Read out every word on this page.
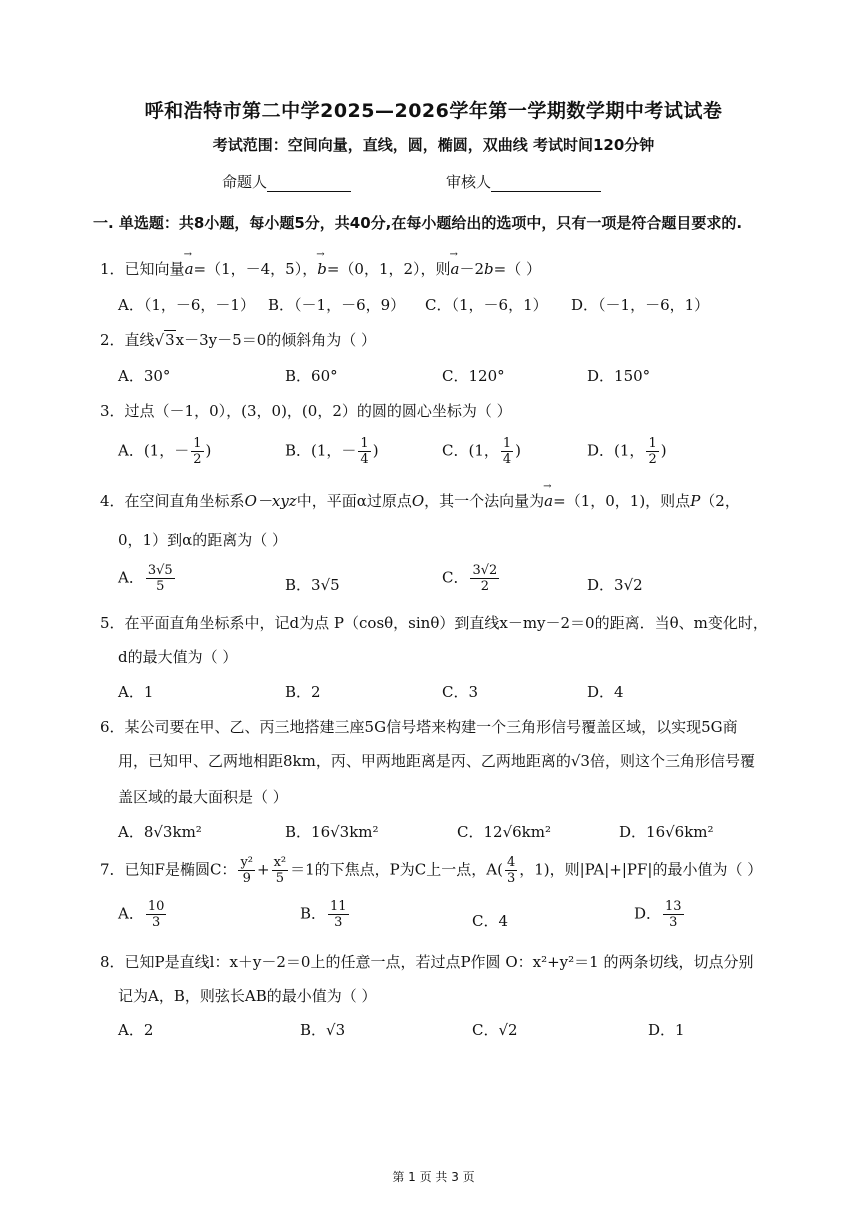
呼和浩特市第二中学2025—2026学年第一学期数学期中考试试卷
考试范围：空间向量，直线，圆，椭圆，双曲线 考试时间120分钟
命题人	审核人
一. 单选题：共8小题，每小题5分，共40分,在每小题给出的选项中，只有一项是符合题目要求的.
1．已知向量→ a=（1，－4，5），→ b=（0，1，2），则→ a－2b=（ ）
A．（1，－6，－1） B．（－1，－6，9） C．（1，－6，1） D．（－1，－6，1）
2．直线√3x－3y－5＝0的倾斜角为（ ）
A．30°	B．60°	C．120°	D．150°
3．过点（－1，0），(3，0)，(0，2）的圆的圆心坐标为（ ）
A．(1，－ $\frac{1}{2}$ )	B．(1，－ $\frac{1}{4}$ )	C．(1， $\frac{1}{4}$ )	D．(1， $\frac{1}{2}$ )
4．在空间直角坐标系O－xyz中，平面α过原点O，其一个法向量为→ a=（1，0，1)，则点P（2，
0，1）到α的距离为（ ）
A． $\frac{3√5}{5}$	B．3√5	C． $\frac{3√2}{2}$	D．3√2
5．在平面直角坐标系中，记d为点 P（cosθ，sinθ）到直线x－my－2＝0的距离．当θ、m变化时，
d的最大值为（ ）
A．1	B．2	C．3	D．4
6．某公司要在甲、乙、丙三地搭建三座5G信号塔来构建一个三角形信号覆盖区域，以实现5G商
用，已知甲、乙两地相距8km，丙、甲两地距离是丙、乙两地距离的√3倍，则这个三角形信号覆
盖区域的最大面积是（ ）
A．8√3km²	B．16√3km²	C．12√6km²	D．16√6km²
7．已知F是椭圆C： $\frac{\text{y²}}{9} + \frac{\text{x²}}{5} =1$的下焦点，P为C上一点，$A( \frac{4}{3}$ ，1)，则|PA|+|PF|的最小值为（ ）
A． $\frac{10}{3}$	B． $\frac{11}{3}$	C．4	D． $\frac{13}{3}$
8．已知P是直线l：x＋y－2＝0上的任意一点，若过点P作圆 O：x²+y²＝1 的两条切线，切点分别
记为A，B，则弦长AB的最小值为（ ）
A．2	B．√3	C．√2	D．1
第 1 页 共 3 页
